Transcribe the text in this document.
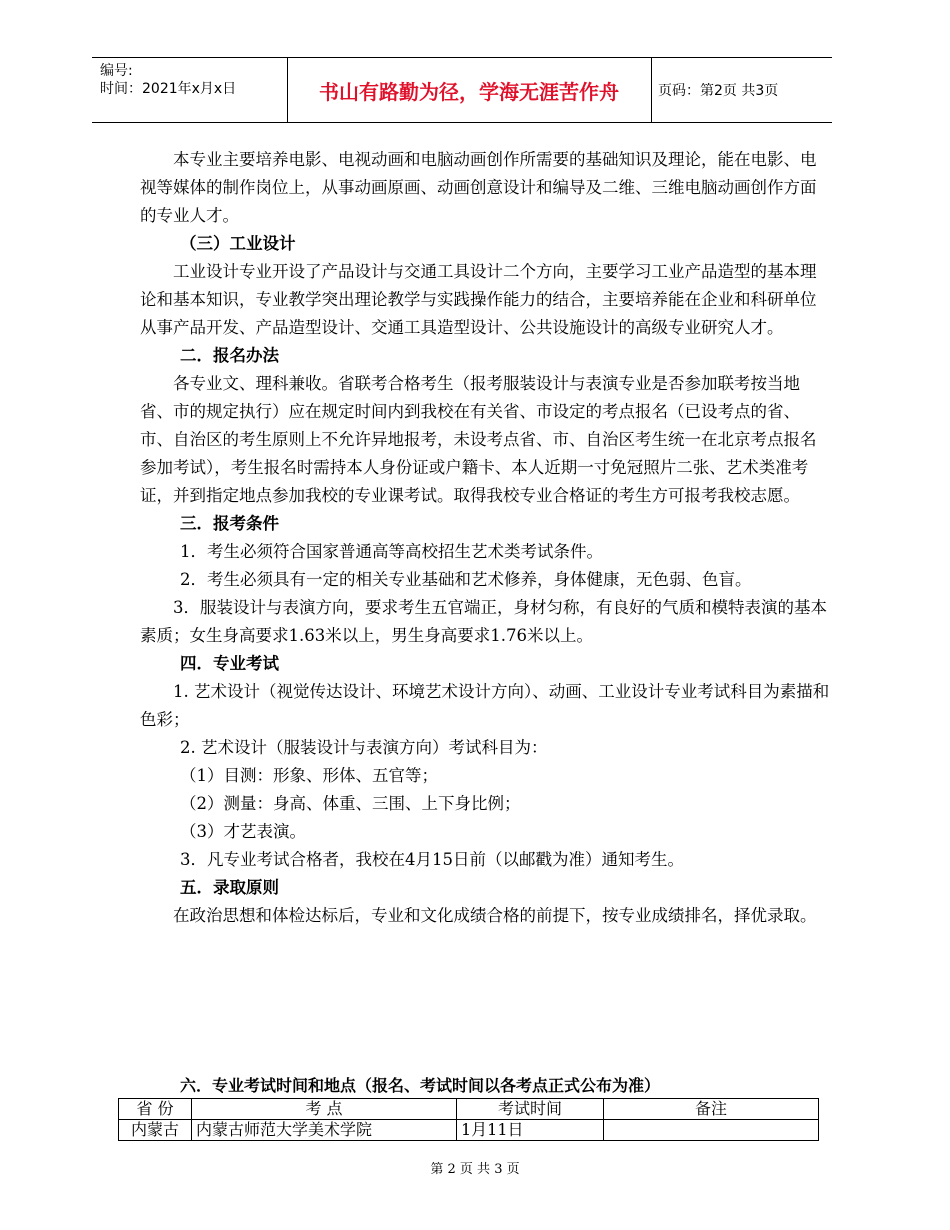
编号:
时间：2021年x月x日	书山有路勤为径，学海无涯苦作舟	页码：第2页 共3页

本专业主要培养电影、电视动画和电脑动画创作所需要的基础知识及理论，能在电影、电视等媒体的制作岗位上，从事动画原画、动画创意设计和编导及二维、三维电脑动画创作方面的专业人才。

（三）工业设计

工业设计专业开设了产品设计与交通工具设计二个方向，主要学习工业产品造型的基本理论和基本知识，专业教学突出理论教学与实践操作能力的结合，主要培养能在企业和科研单位从事产品开发、产品造型设计、交通工具造型设计、公共设施设计的高级专业研究人才。

二．报名办法

各专业文、理科兼收。省联考合格考生（报考服装设计与表演专业是否参加联考按当地省、市的规定执行）应在规定时间内到我校在有关省、市设定的考点报名（已设考点的省、市、自治区的考生原则上不允许异地报考，未设考点省、市、自治区考生统一在北京考点报名参加考试），考生报名时需持本人身份证或户籍卡、本人近期一寸免冠照片二张、艺术类准考证，并到指定地点参加我校的专业课考试。取得我校专业合格证的考生方可报考我校志愿。

三．报考条件

1．考生必须符合国家普通高等高校招生艺术类考试条件。

2．考生必须具有一定的相关专业基础和艺术修养，身体健康，无色弱、色盲。

3．服装设计与表演方向，要求考生五官端正，身材匀称，有良好的气质和模特表演的基本素质；女生身高要求1.63米以上，男生身高要求1.76米以上。

四．专业考试

1. 艺术设计（视觉传达设计、环境艺术设计方向）、动画、工业设计专业考试科目为素描和色彩；

2. 艺术设计（服装设计与表演方向）考试科目为：

（1）目测：形象、形体、五官等；

（2）测量：身高、体重、三围、上下身比例；

（3）才艺表演。

3．凡专业考试合格者，我校在4月15日前（以邮戳为准）通知考生。

五．录取原则

在政治思想和体检达标后，专业和文化成绩合格的前提下，按专业成绩排名，择优录取。

六．专业考试时间和地点（报名、考试时间以各考点正式公布为准）
省 份	考 点	考试时间	备注
内蒙古	内蒙古师范大学美术学院	1月11日	
第 2 页 共 3 页
